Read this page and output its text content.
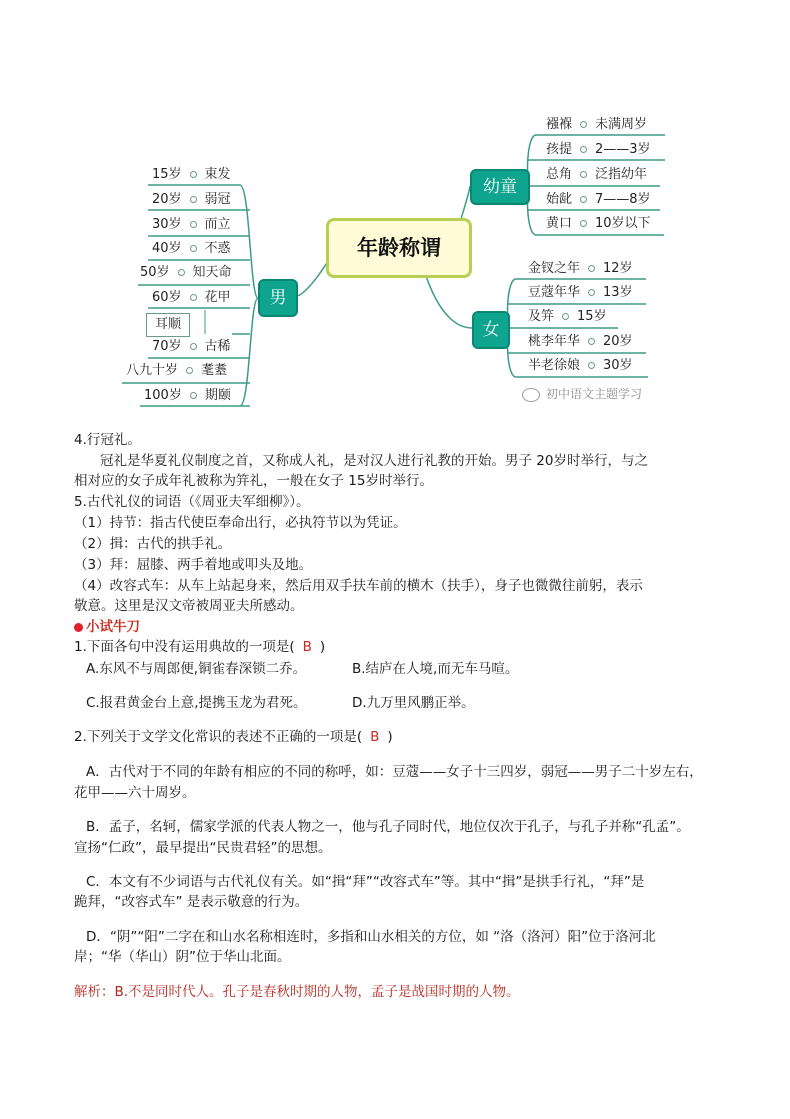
年龄称谓
男
幼童
女
15岁 束发
20岁 弱冠
30岁 而立
40岁 不惑
50岁 知天命
60岁 花甲
耳顺
70岁 古稀
八九十岁 耄耋
100岁 期颐
襁褓 未满周岁
孩提 2——3岁
总角 泛指幼年
始龀 7——8岁
黄口 10岁以下
金钗之年 12岁
豆蔻年华 13岁
及笄 15岁
桃李年华 20岁
半老徐娘 30岁
初中语文主题学习
4.行冠礼。
冠礼是华夏礼仪制度之首，又称成人礼，是对汉人进行礼教的开始。男子 20岁时举行，与之
相对应的女子成年礼被称为笄礼，一般在女子 15岁时举行。
5.古代礼仪的词语（《周亚夫军细柳》）。
（1）持节：指古代使臣奉命出行，必执符节以为凭证。
（2）揖：古代的拱手礼。
（3）拜：屈膝、两手着地或叩头及地。
（4）改容式车：从车上站起身来，然后用双手扶车前的横木（扶手），身子也微微往前躬，表示
敬意。这里是汉文帝被周亚夫所感动。
小试牛刀
1.下面各句中没有运用典故的一项是( B )
A.东风不与周郎便,铜雀春深锁二乔。	B.结庐在人境,而无车马喧。
C.报君黄金台上意,提携玉龙为君死。	D.九万里风鹏正举。
2.下列关于文学文化常识的表述不正确的一项是( B )
A．古代对于不同的年龄有相应的不同的称呼，如：豆蔻——女子十三四岁，弱冠——男子二十岁左右，
花甲——六十周岁。
B．孟子，名轲，儒家学派的代表人物之一，他与孔子同时代，地位仅次于孔子，与孔子并称“孔孟”。
宣扬“仁政”，最早提出“民贵君轻”的思想。
C．本文有不少词语与古代礼仪有关。如“揖“拜”“改容式车”等。其中“揖”是拱手行礼，“拜”是
跪拜，“改容式车” 是表示敬意的行为。
D．“阴”“阳”二字在和山水名称相连时，多指和山水相关的方位，如 “洛（洛河）阳”位于洛河北
岸；“华（华山）阴”位于华山北面。
解析：B.不是同时代人。孔子是春秋时期的人物，孟子是战国时期的人物。
